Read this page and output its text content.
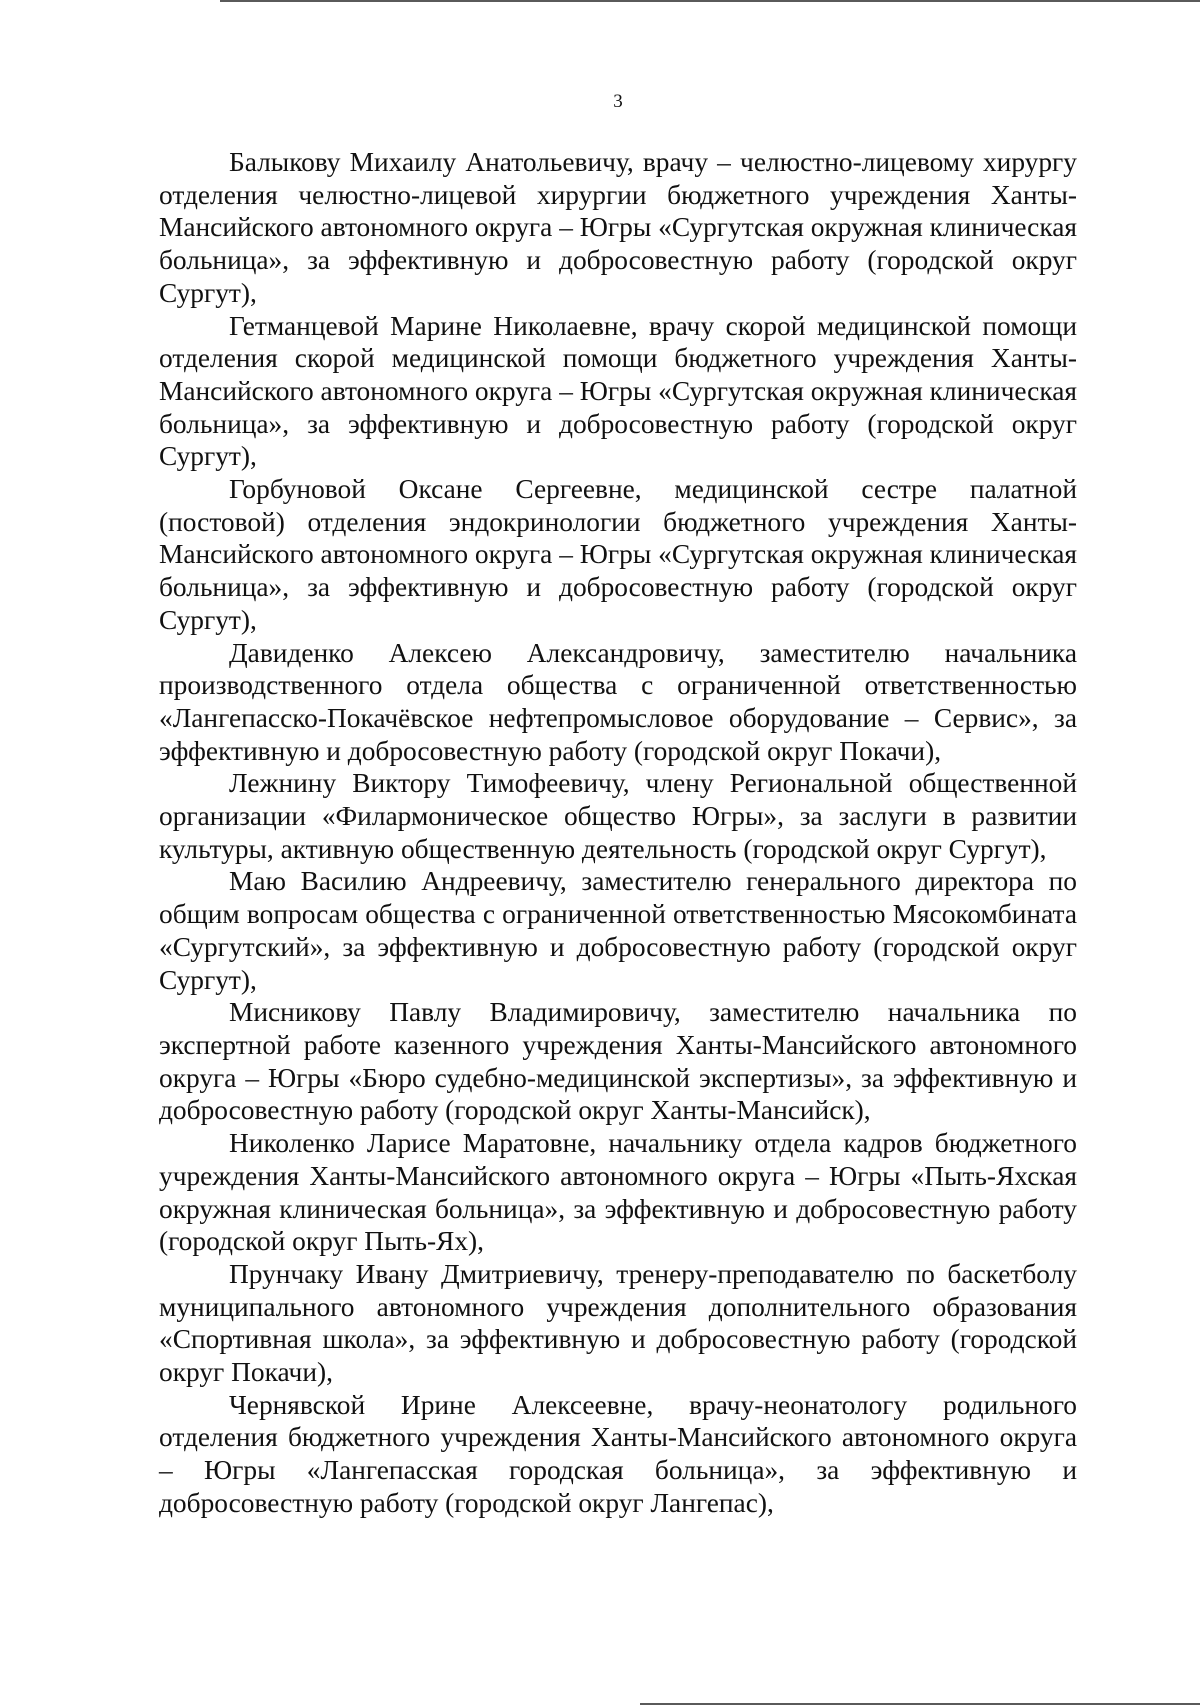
3

Балыкову Михаилу Анатольевичу, врачу – челюстно-лицевому хирургу отделения челюстно-лицевой хирургии бюджетного учреждения Ханты-Мансийского автономного округа – Югры «Сургутская окружная клиническая больница», за эффективную и добросовестную работу (городской округ Сургут),

Гетманцевой Марине Николаевне, врачу скорой медицинской помощи отделения скорой медицинской помощи бюджетного учреждения Ханты-Мансийского автономного округа – Югры «Сургутская окружная клиническая больница», за эффективную и добросовестную работу (городской округ Сургут),

Горбуновой Оксане Сергеевне, медицинской сестре палатной (постовой) отделения эндокринологии бюджетного учреждения Ханты-Мансийского автономного округа – Югры «Сургутская окружная клиническая больница», за эффективную и добросовестную работу (городской округ Сургут),

Давиденко Алексею Александровичу, заместителю начальника производственного отдела общества с ограниченной ответственностью «Лангепасско-Покачёвское нефтепромысловое оборудование – Сервис», за эффективную и добросовестную работу (городской округ Покачи),

Лежнину Виктору Тимофеевичу, члену Региональной общественной организации «Филармоническое общество Югры», за заслуги в развитии культуры, активную общественную деятельность (городской округ Сургут),

Маю Василию Андреевичу, заместителю генерального директора по общим вопросам общества с ограниченной ответственностью Мясокомбината «Сургутский», за эффективную и добросовестную работу (городской округ Сургут),

Мисникову Павлу Владимировичу, заместителю начальника по экспертной работе казенного учреждения Ханты-Мансийского автономного округа – Югры «Бюро судебно-медицинской экспертизы», за эффективную и добросовестную работу (городской округ Ханты-Мансийск),

Николенко Ларисе Маратовне, начальнику отдела кадров бюджетного учреждения Ханты-Мансийского автономного округа – Югры «Пыть-Яхская окружная клиническая больница», за эффективную и добросовестную работу (городской округ Пыть-Ях),

Прунчаку Ивану Дмитриевичу, тренеру-преподавателю по баскетболу муниципального автономного учреждения дополнительного образования «Спортивная школа», за эффективную и добросовестную работу (городской округ Покачи),

Чернявской Ирине Алексеевне, врачу-неонатологу родильного отделения бюджетного учреждения Ханты-Мансийского автономного округа – Югры «Лангепасская городская больница», за эффективную и добросовестную работу (городской округ Лангепас),
